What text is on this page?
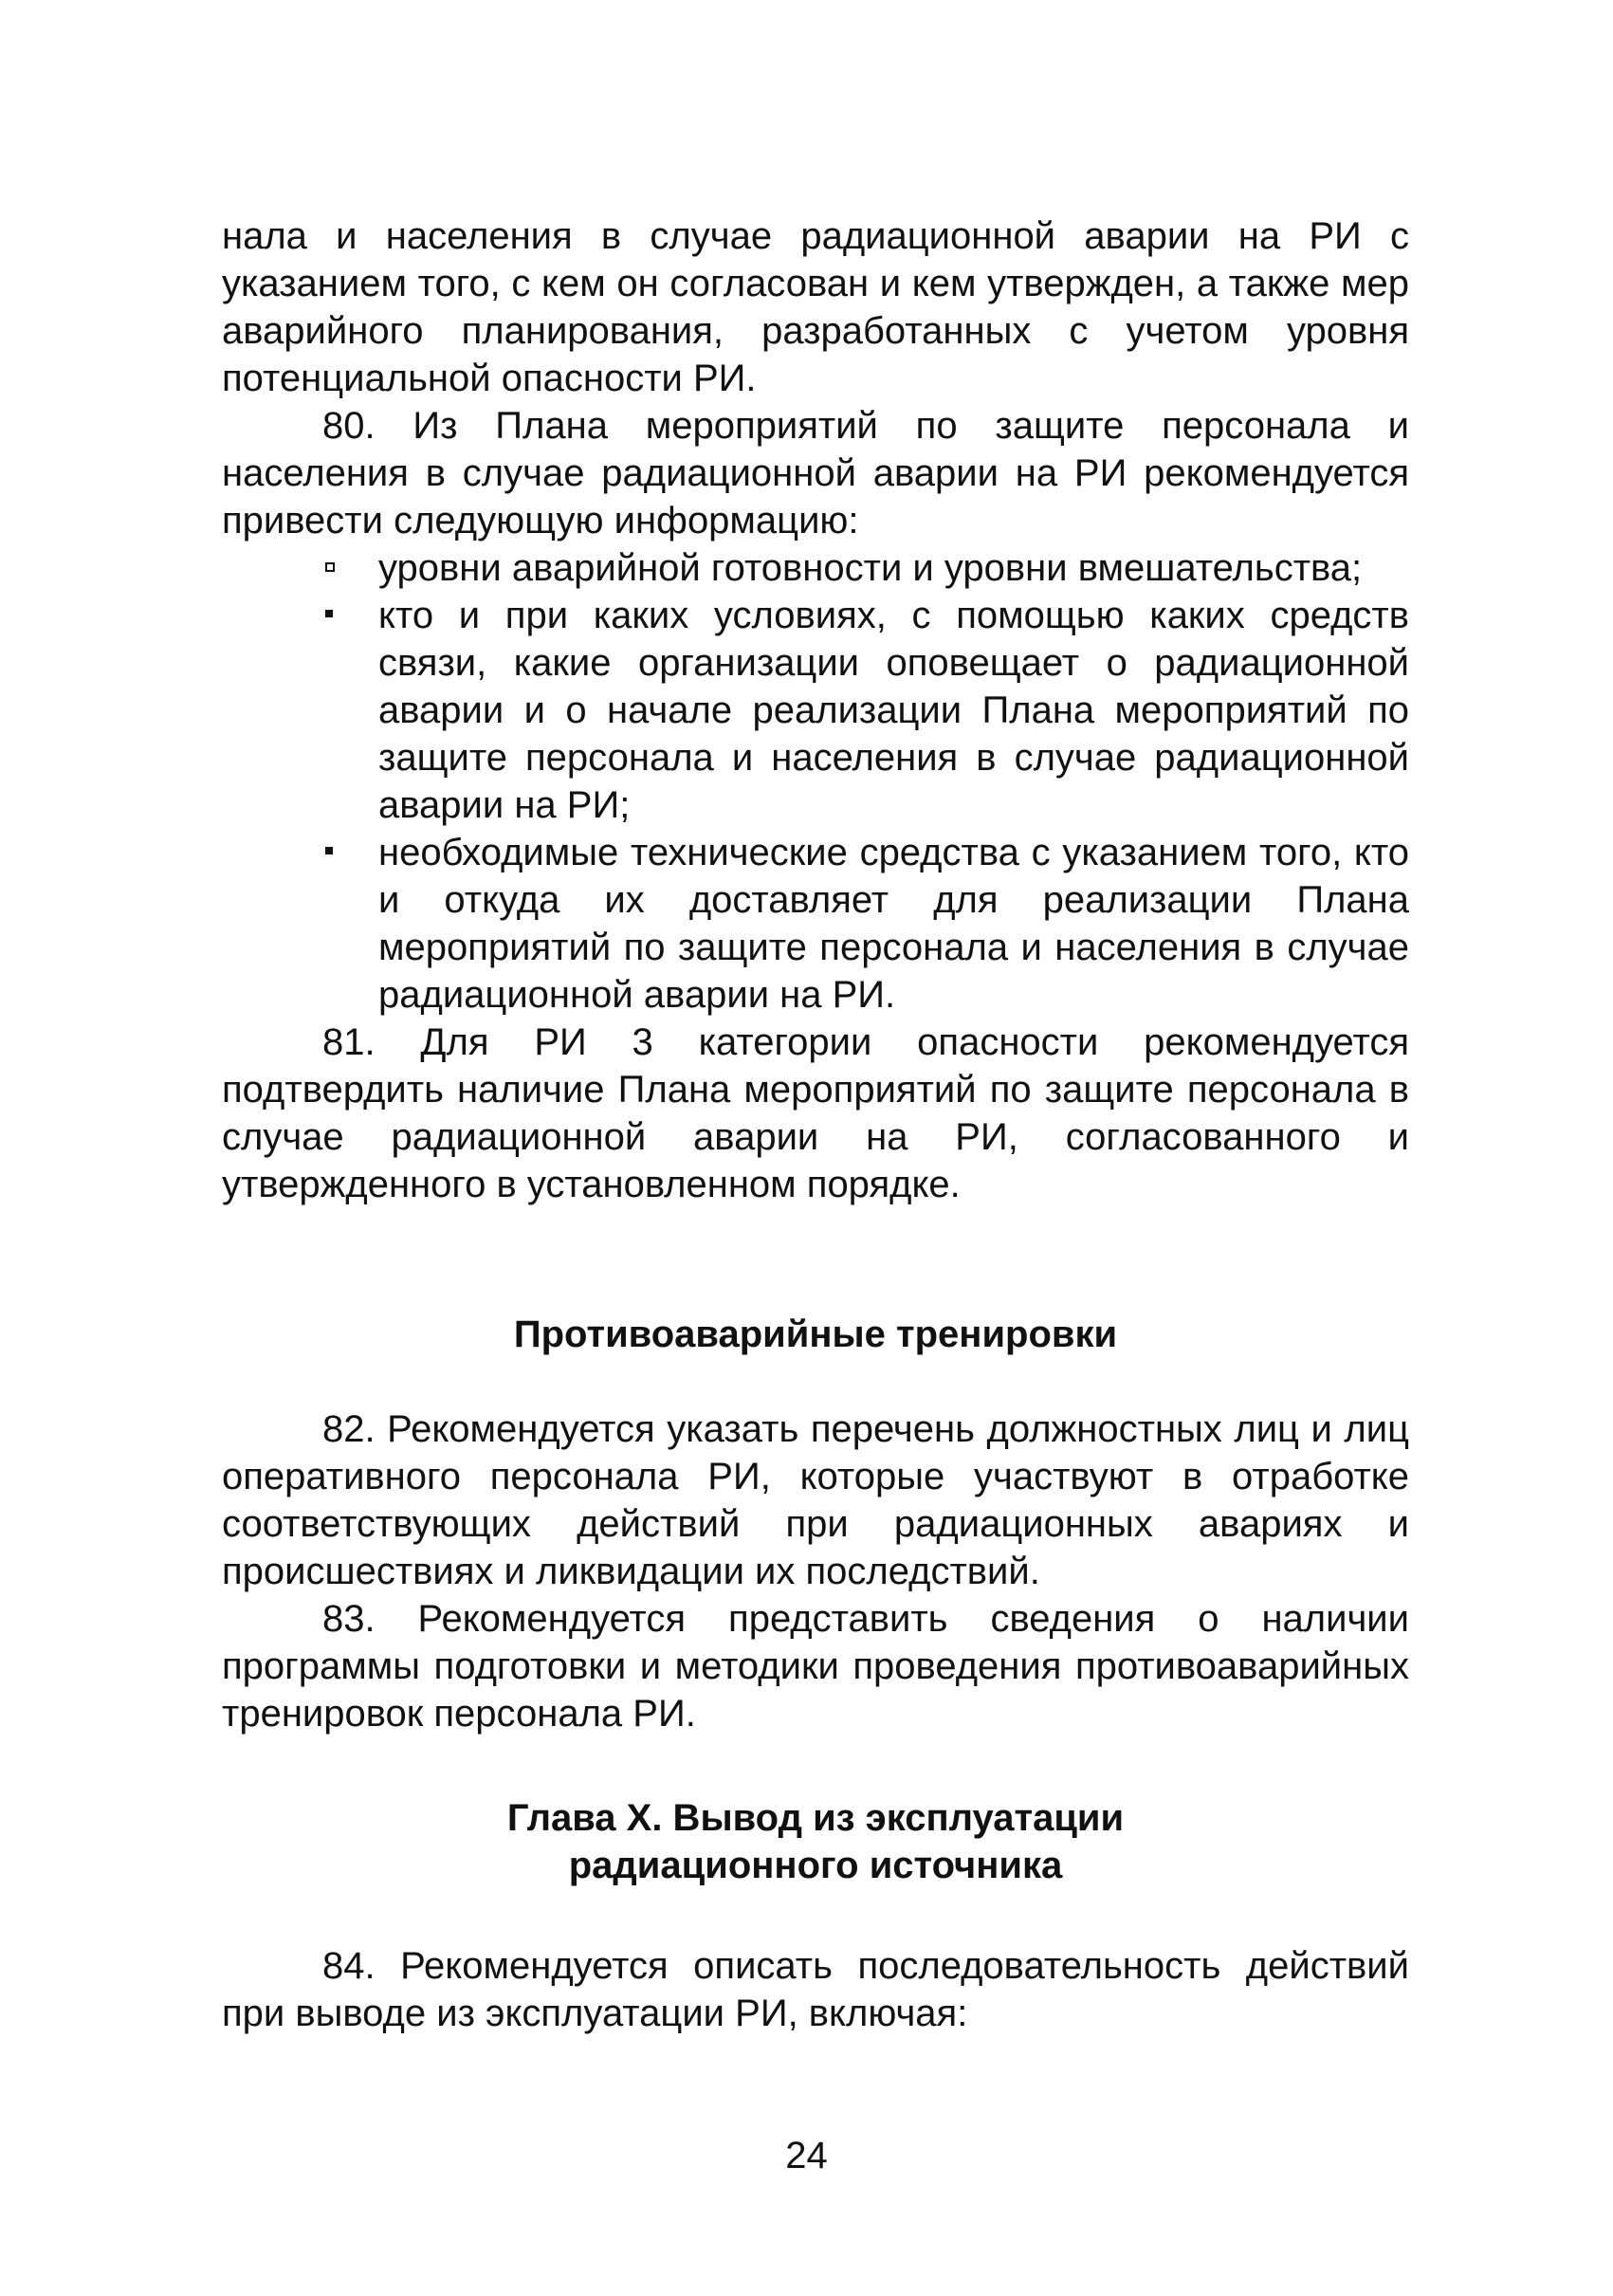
нала и населения в случае радиационной аварии на РИ с указанием того, с кем он согласован и кем утвержден, а также мер аварийного планирования, разработанных с учетом уровня потенциальной опасности РИ.

80. Из Плана мероприятий по защите персонала и населения в случае радиационной аварии на РИ рекомендуется привести следующую информацию:

уровни аварийной готовности и уровни вмешательства;
кто и при каких условиях, с помощью каких средств связи, какие организации оповещает о радиационной аварии и о начале реализации Плана мероприятий по защите персонала и населения в случае радиационной аварии на РИ;
необходимые технические средства с указанием того, кто и откуда их доставляет для реализации Плана мероприятий по защите персонала и населения в случае радиационной аварии на РИ.

81. Для РИ 3 категории опасности рекомендуется подтвердить наличие Плана мероприятий по защите персонала в случае радиационной аварии на РИ, согласованного и утвержденного в установленном порядке.

Противоаварийные тренировки

82. Рекомендуется указать перечень должностных лиц и лиц оперативного персонала РИ, которые участвуют в отработке соответствующих действий при радиационных авариях и происшествиях и ликвидации их последствий.

83. Рекомендуется представить сведения о наличии программы подготовки и методики проведения противоаварийных тренировок персонала РИ.

Глава X. Вывод из эксплуатации
радиационного источника

84. Рекомендуется описать последовательность действий при выводе из эксплуатации РИ, включая:

24
